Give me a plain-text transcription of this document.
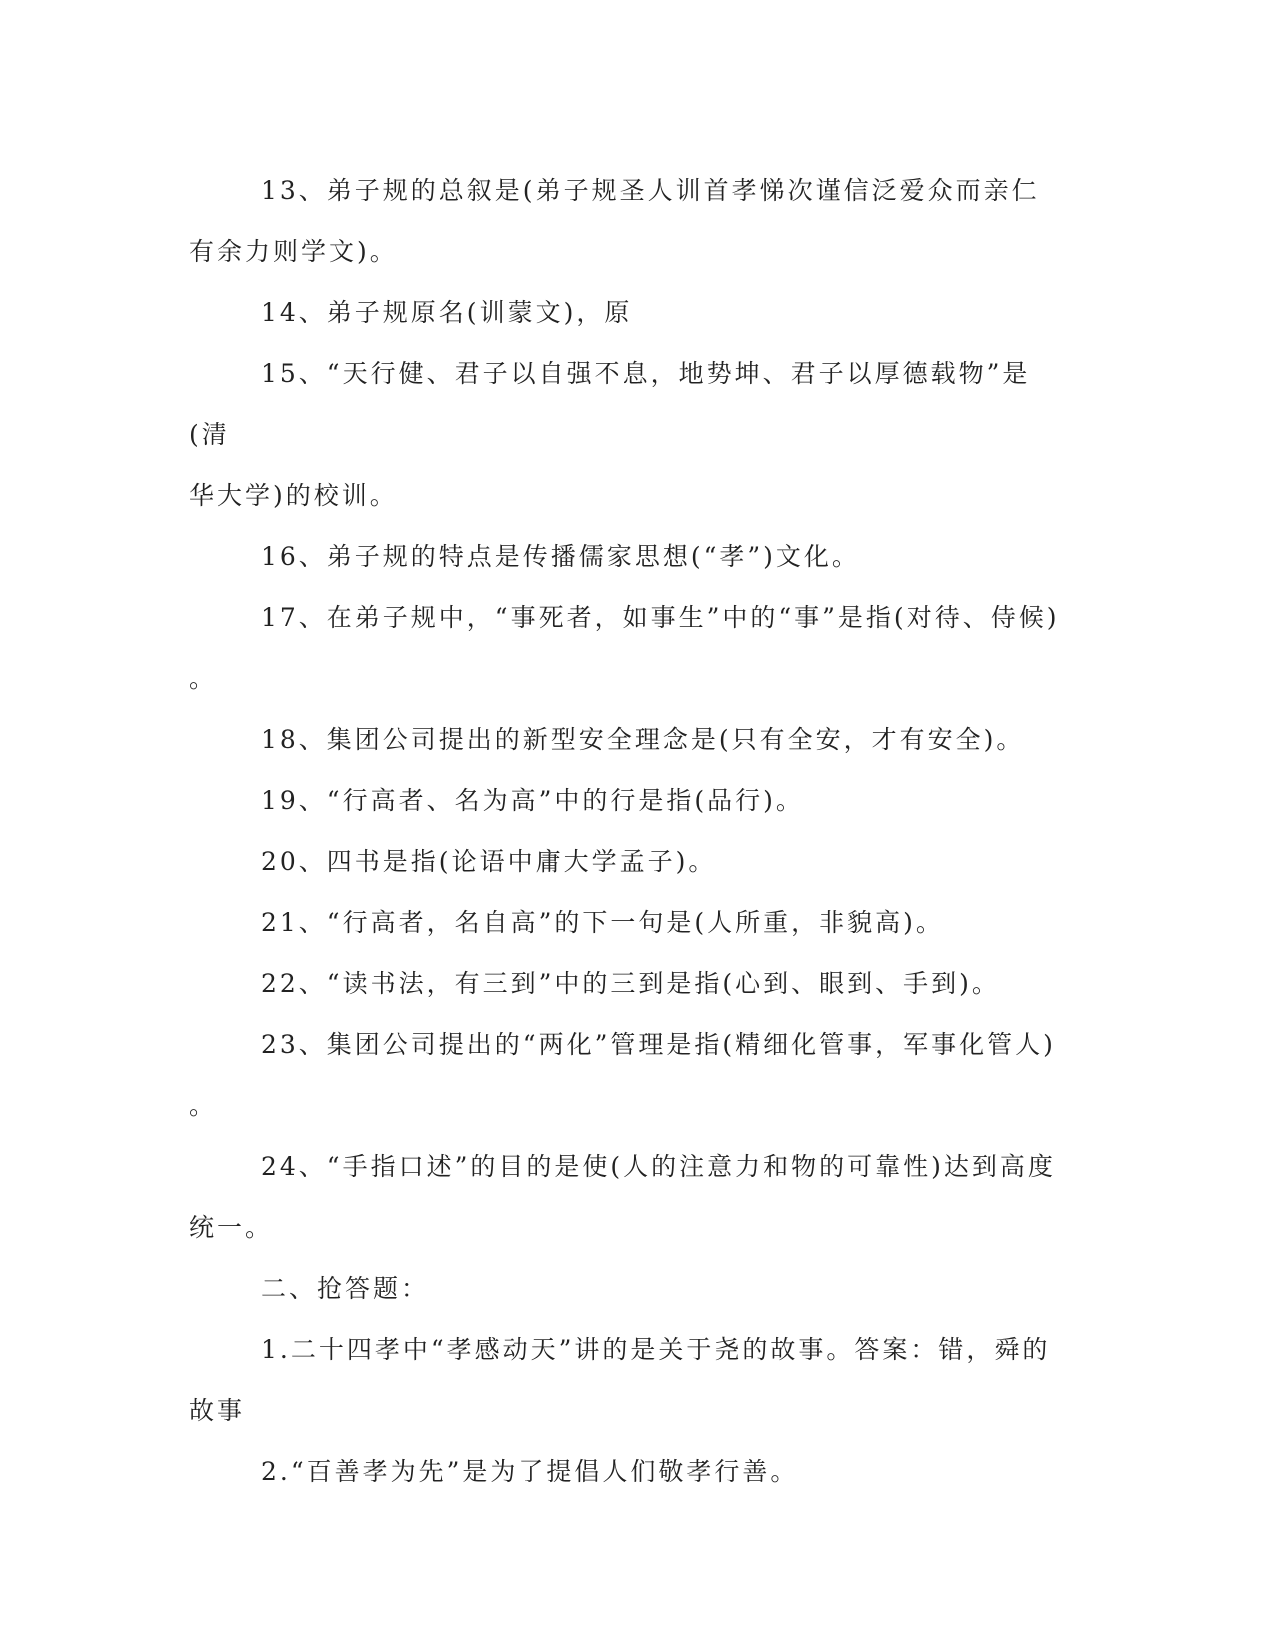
13、弟子规的总叙是(弟子规圣人训首孝悌次谨信泛爱众而亲仁
有余力则学文)。

14、弟子规原名(训蒙文)，原

15、“天行健、君子以自强不息，地势坤、君子以厚德载物”是(清
华大学)的校训。

16、弟子规的特点是传播儒家思想(“孝”)文化。

17、在弟子规中，“事死者，如事生”中的“事”是指(对待、侍候)
。

18、集团公司提出的新型安全理念是(只有全安，才有安全)。

19、“行高者、名为高”中的行是指(品行)。

20、四书是指(论语中庸大学孟子)。

21、“行高者，名自高”的下一句是(人所重，非貌高)。

22、“读书法，有三到”中的三到是指(心到、眼到、手到)。

23、集团公司提出的“两化”管理是指(精细化管事，军事化管人)
。

24、“手指口述”的目的是使(人的注意力和物的可靠性)达到高度
统一。

二、抢答题：

1.二十四孝中“孝感动天”讲的是关于尧的故事。答案：错，舜的
故事

2.“百善孝为先”是为了提倡人们敬孝行善。
